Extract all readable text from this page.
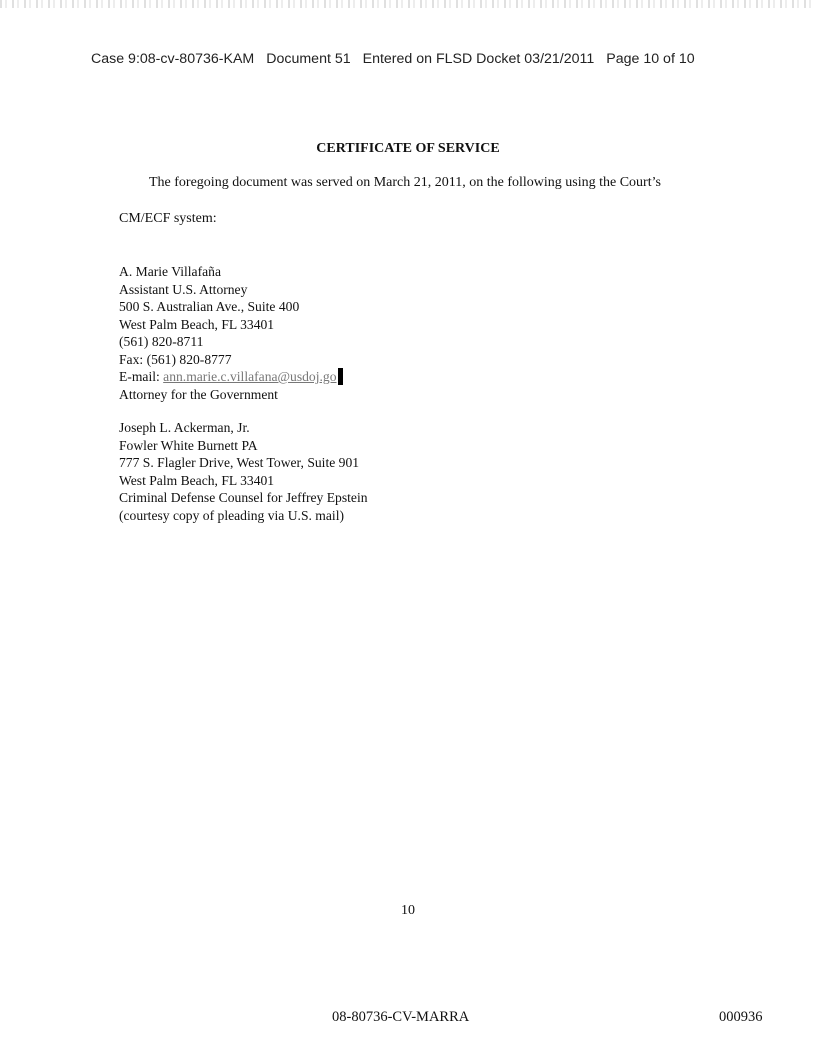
Case 9:08-cv-80736-KAM Document 51 Entered on FLSD Docket 03/21/2011 Page 10 of 10
CERTIFICATE OF SERVICE
The foregoing document was served on March 21, 2011, on the following using the Court’s
CM/ECF system:
A. Marie Villafaña
Assistant U.S. Attorney
500 S. Australian Ave., Suite 400
West Palm Beach, FL 33401
(561) 820-8711
Fax: (561) 820-8777
E-mail: ann.marie.c.villafana@usdoj.go
Attorney for the Government
Joseph L. Ackerman, Jr.
Fowler White Burnett PA
777 S. Flagler Drive, West Tower, Suite 901
West Palm Beach, FL 33401
Criminal Defense Counsel for Jeffrey Epstein
(courtesy copy of pleading via U.S. mail)
10
08-80736-CV-MARRA	000936
